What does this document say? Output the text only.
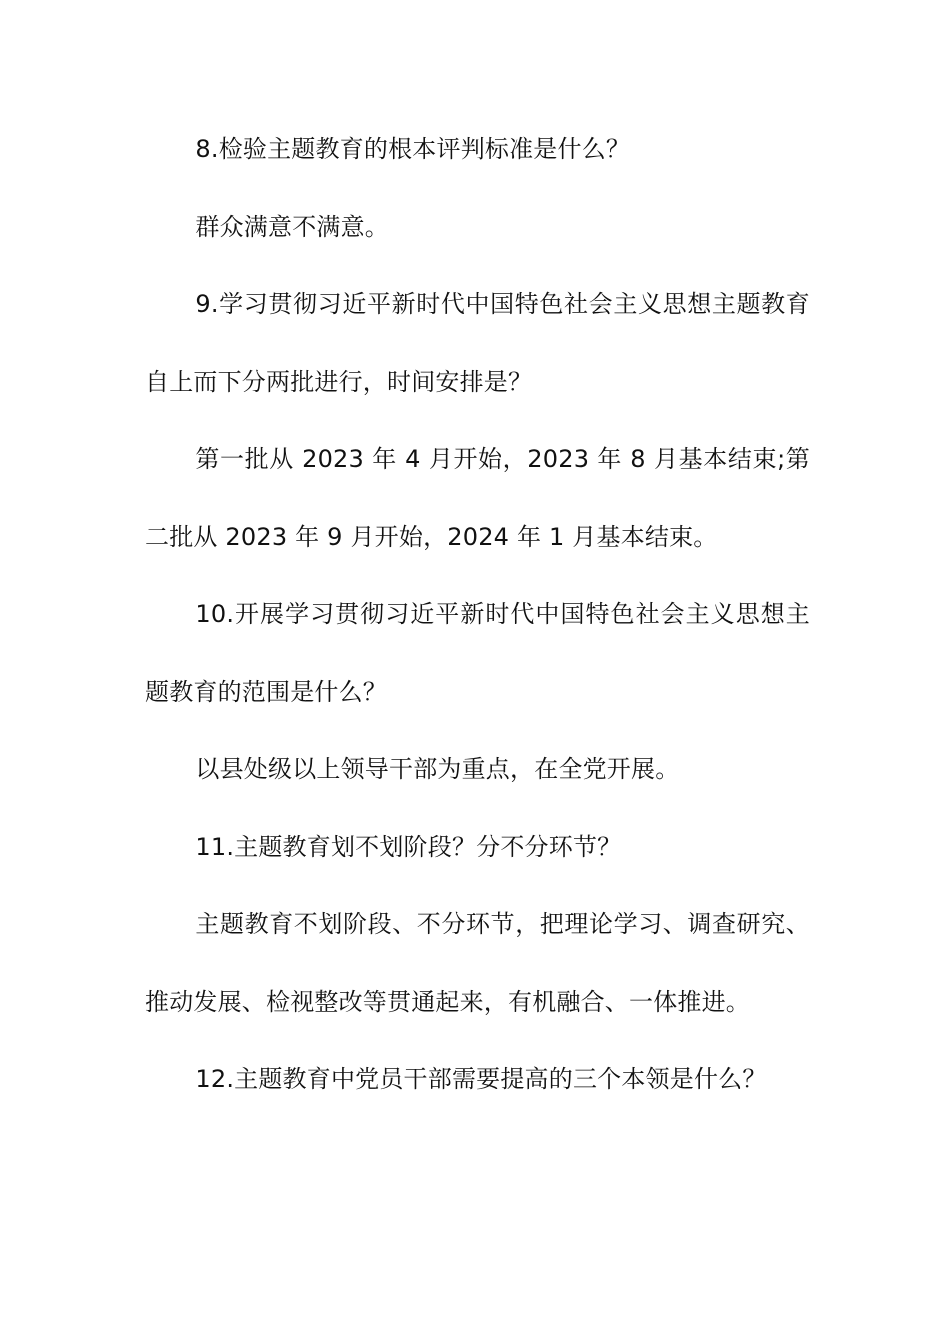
8.检验主题教育的根本评判标准是什么？

群众满意不满意。

9.学习贯彻习近平新时代中国特色社会主义思想主题教育自上而下分两批进行，时间安排是？

第一批从 2023 年 4 月开始，2023 年 8 月基本结束;第二批从 2023 年 9 月开始，2024 年 1 月基本结束。

10.开展学习贯彻习近平新时代中国特色社会主义思想主题教育的范围是什么？

以县处级以上领导干部为重点，在全党开展。

11.主题教育划不划阶段？分不分环节？

主题教育不划阶段、不分环节，把理论学习、调查研究、推动发展、检视整改等贯通起来，有机融合、一体推进。

12.主题教育中党员干部需要提高的三个本领是什么？
